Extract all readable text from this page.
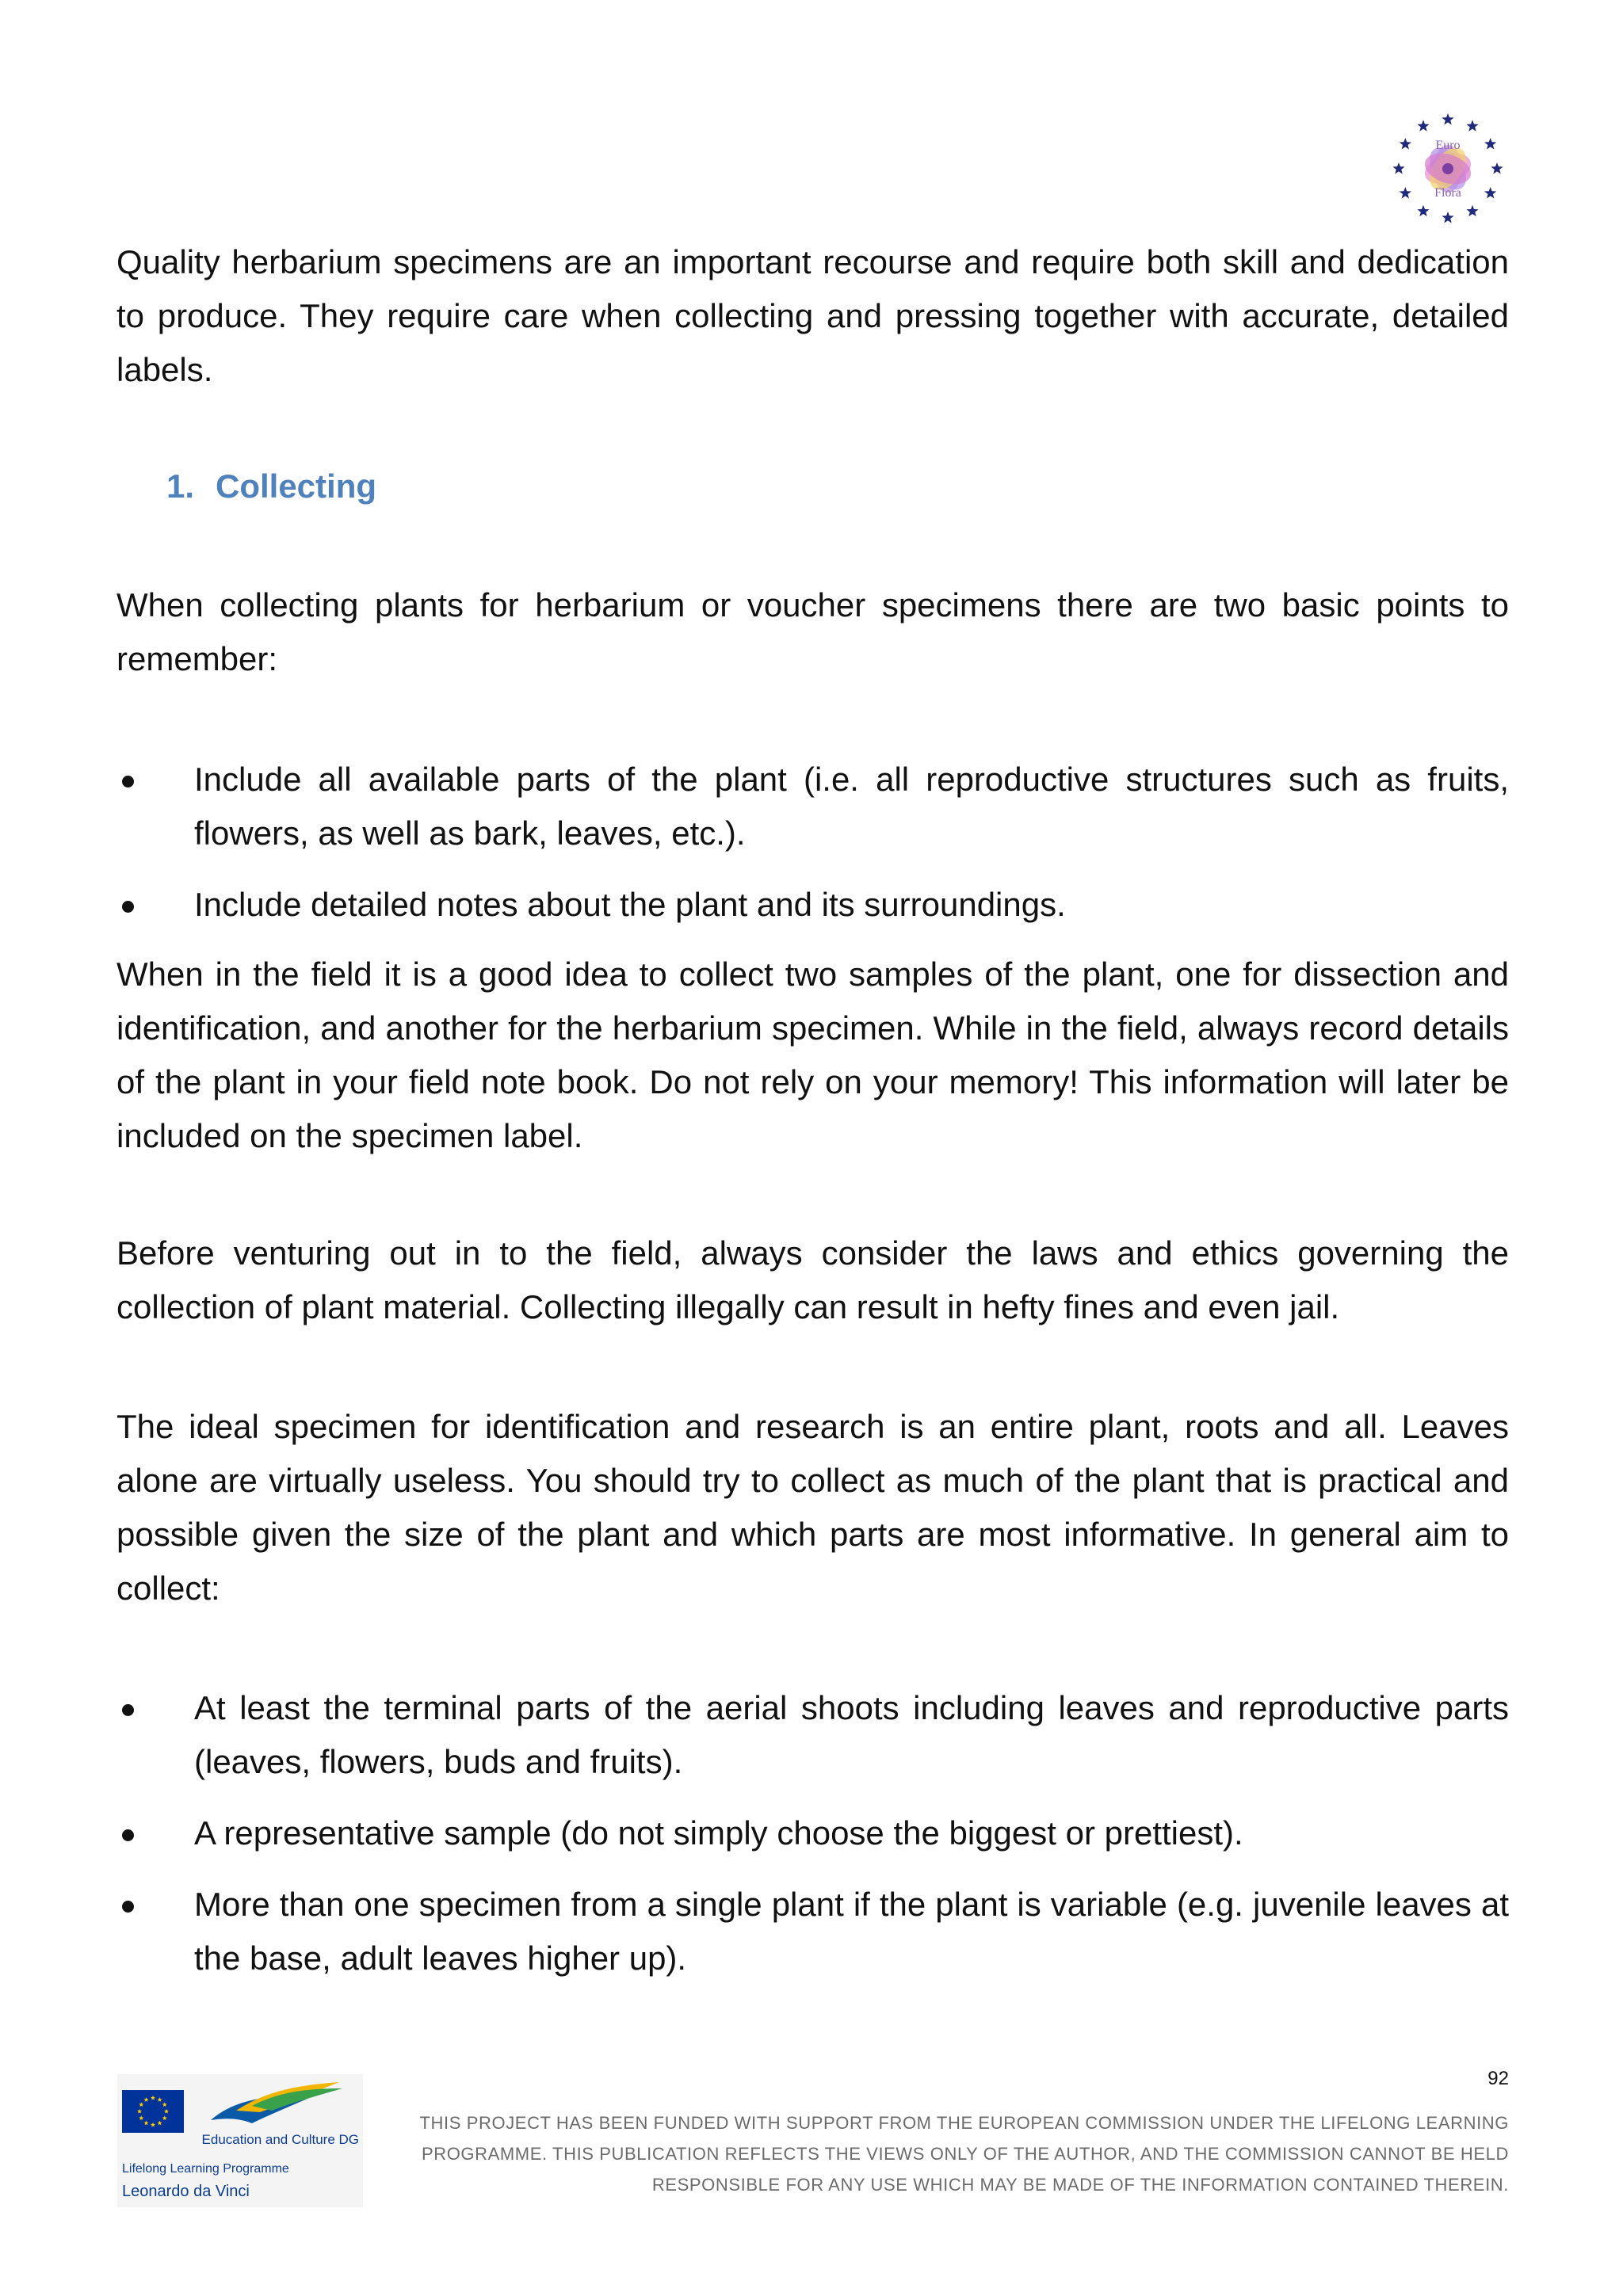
Euro
Flora

Quality herbarium specimens are an important recourse and require both skill and dedication to produce. They require care when collecting and pressing together with accurate, detailed labels.

1. Collecting

When collecting plants for herbarium or voucher specimens there are two basic points to remember:

Include all available parts of the plant (i.e. all reproductive structures such as fruits, flowers, as well as bark, leaves, etc.).
Include detailed notes about the plant and its surroundings.

When in the field it is a good idea to collect two samples of the plant, one for dissection and identification, and another for the herbarium specimen. While in the field, always record details of the plant in your field note book. Do not rely on your memory! This information will later be included on the specimen label.

Before venturing out in to the field, always consider the laws and ethics governing the collection of plant material. Collecting illegally can result in hefty fines and even jail.

The ideal specimen for identification and research is an entire plant, roots and all. Leaves alone are virtually useless. You should try to collect as much of the plant that is practical and possible given the size of the plant and which parts are most informative. In general aim to collect:

At least the terminal parts of the aerial shoots including leaves and reproductive parts (leaves, flowers, buds and fruits).
A representative sample (do not simply choose the biggest or prettiest).
More than one specimen from a single plant if the plant is variable (e.g. juvenile leaves at the base, adult leaves higher up).
92
Education and Culture DG
Lifelong Learning Programme
Leonardo da Vinci
THIS PROJECT HAS BEEN FUNDED WITH SUPPORT FROM THE EUROPEAN COMMISSION UNDER THE LIFELONG LEARNING
PROGRAMME. THIS PUBLICATION REFLECTS THE VIEWS ONLY OF THE AUTHOR, AND THE COMMISSION CANNOT BE HELD
RESPONSIBLE FOR ANY USE WHICH MAY BE MADE OF THE INFORMATION CONTAINED THEREIN.
